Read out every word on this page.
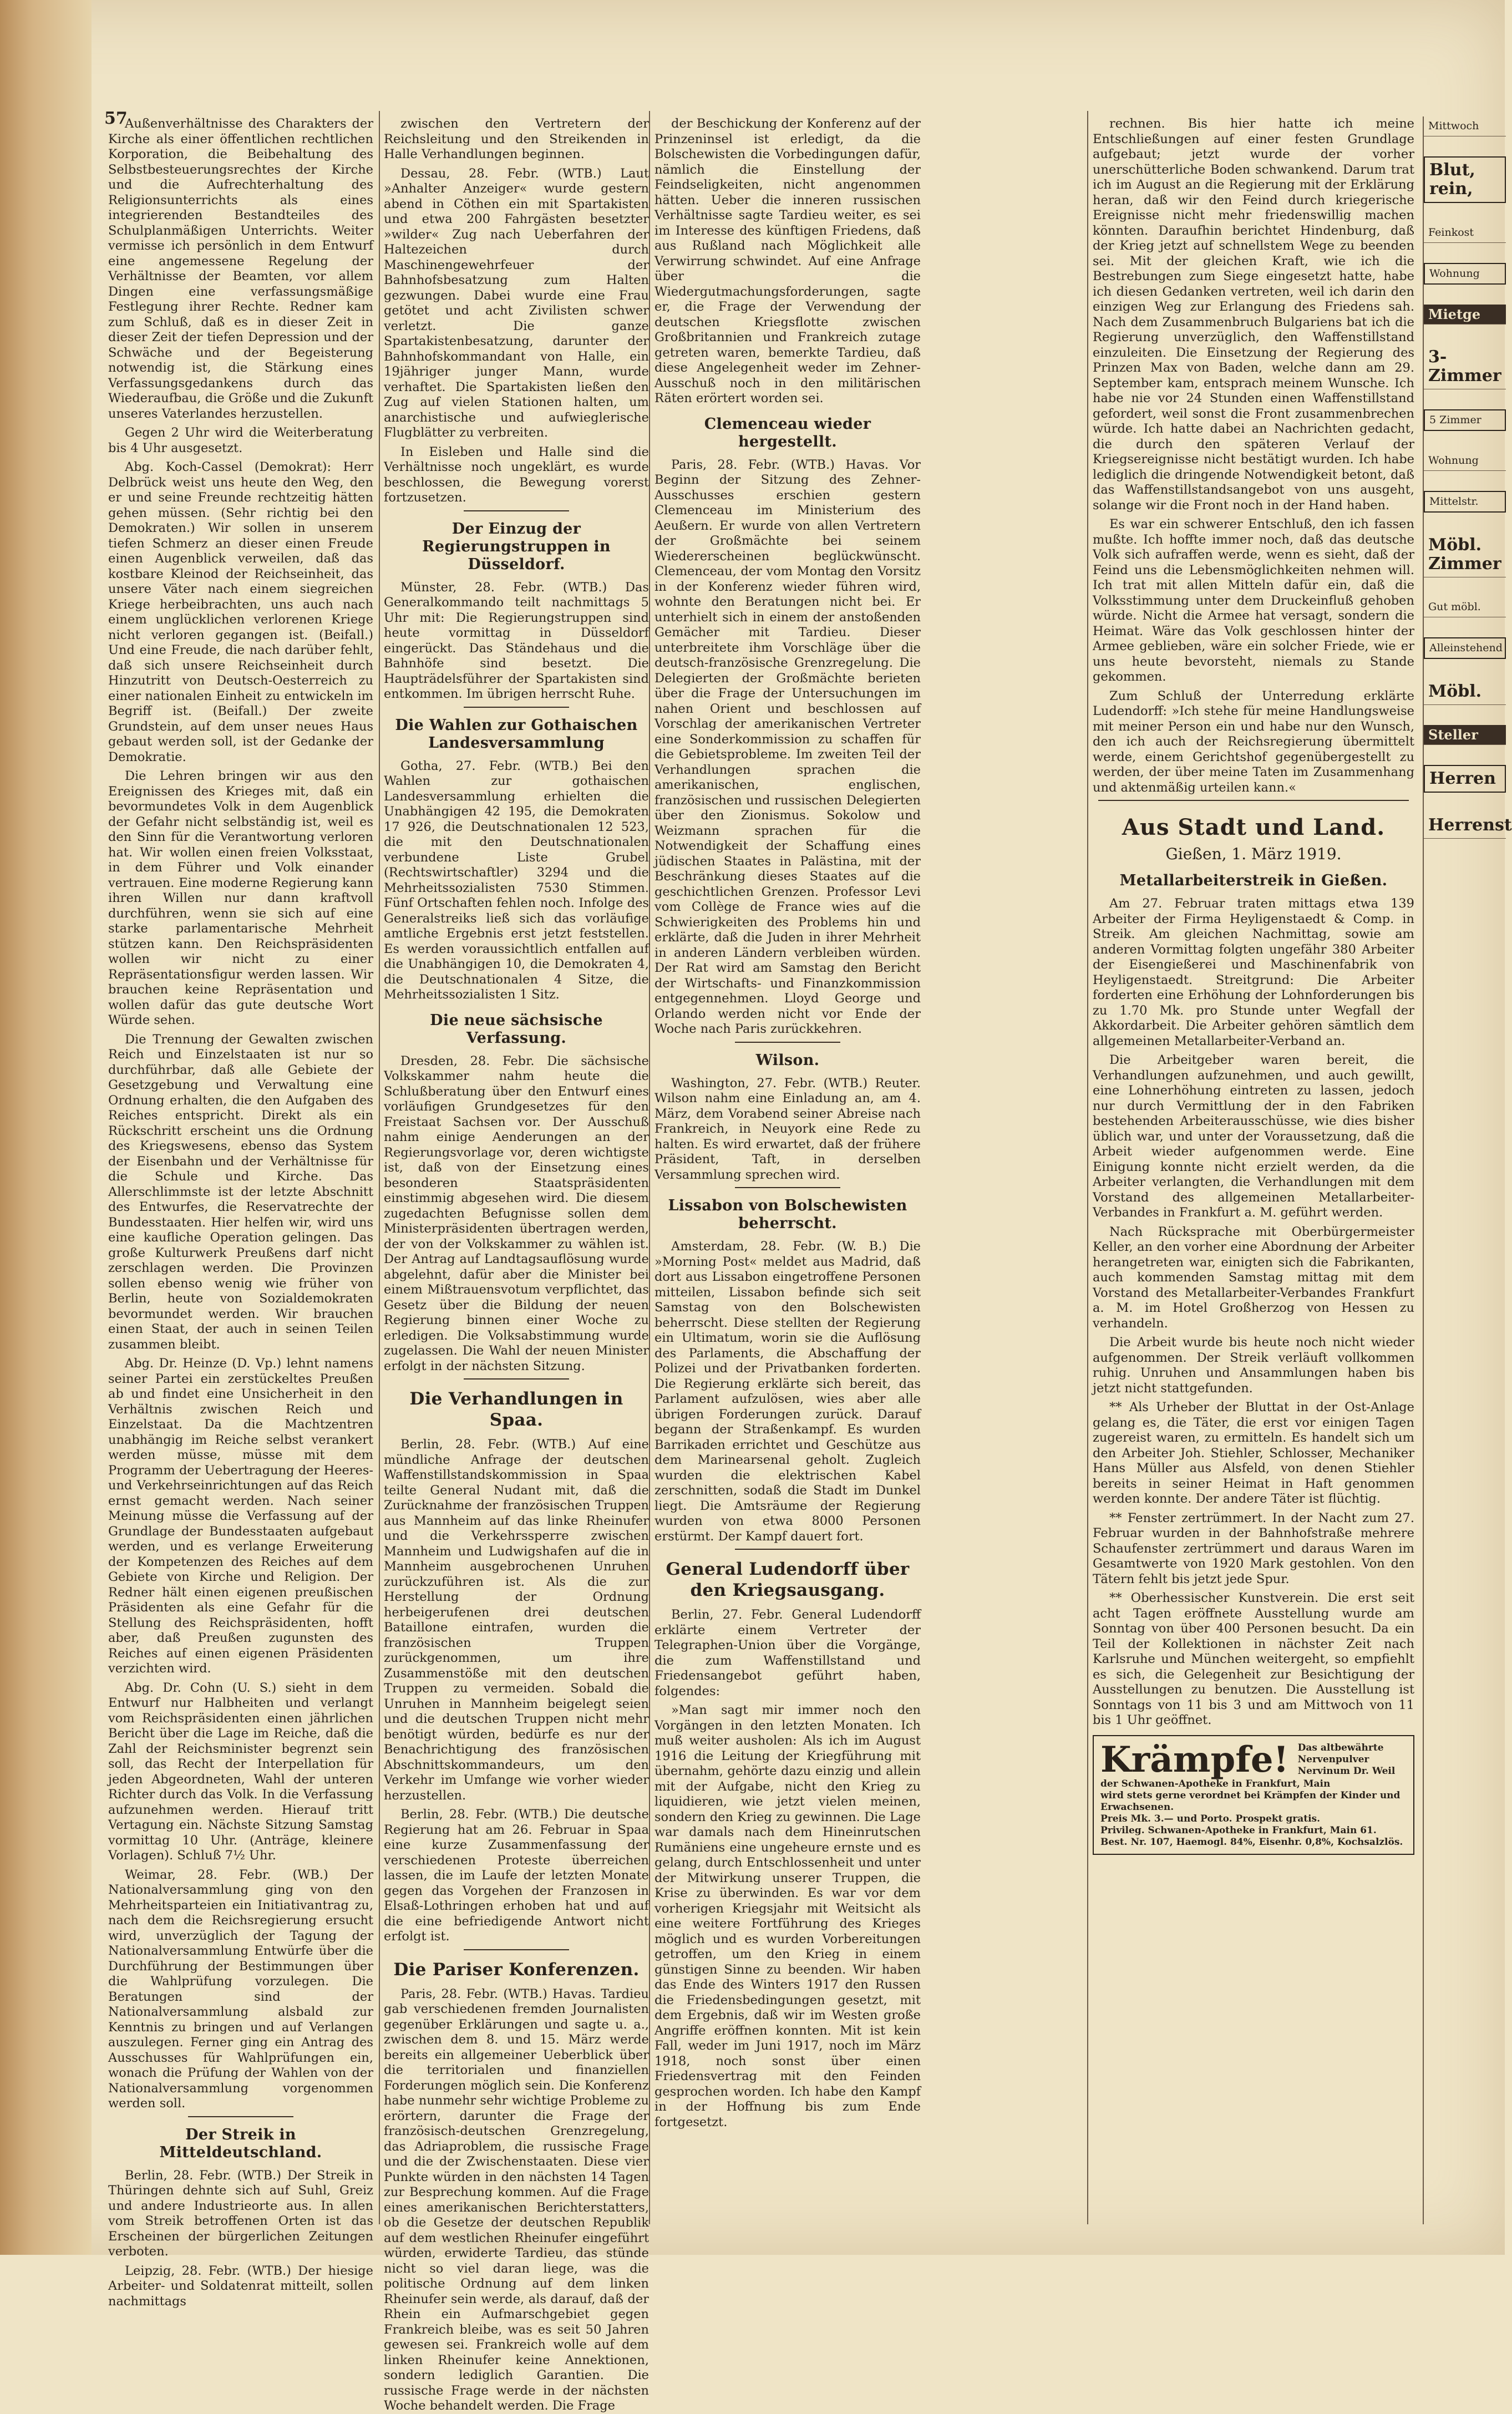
57

Außenverhältnisse des Charakters der Kirche als einer öffentlichen rechtlichen Korporation, die Beibehaltung des Selbstbesteuerungsrechtes der Kirche und die Aufrechterhaltung des Religionsunterrichts als eines integrierenden Bestandteiles des Schulplanmäßigen Unterrichts. Weiter vermisse ich persönlich in dem Entwurf eine angemessene Regelung der Verhältnisse der Beamten, vor allem Dingen eine verfassungsmäßige Festlegung ihrer Rechte. Redner kam zum Schluß, daß es in dieser Zeit in dieser Zeit der tiefen Depression und der Schwäche und der Begeisterung notwendig ist, die Stärkung eines Verfassungsgedankens durch das Wiederaufbau, die Größe und die Zukunft unseres Vaterlandes herzustellen.

Gegen 2 Uhr wird die Weiterberatung bis 4 Uhr ausgesetzt.

Abg. Koch-Cassel (Demokrat): Herr Delbrück weist uns heute den Weg, den er und seine Freunde rechtzeitig hätten gehen müssen. (Sehr richtig bei den Demokraten.) Wir sollen in unserem tiefen Schmerz an dieser einen Freude einen Augenblick verweilen, daß das kostbare Kleinod der Reichseinheit, das unsere Väter nach einem siegreichen Kriege herbeibrachten, uns auch nach einem unglücklichen verlorenen Kriege nicht verloren gegangen ist. (Beifall.) Und eine Freude, die nach darüber fehlt, daß sich unsere Reichseinheit durch Hinzutritt von Deutsch-Oesterreich zu einer nationalen Einheit zu entwickeln im Begriff ist. (Beifall.) Der zweite Grundstein, auf dem unser neues Haus gebaut werden soll, ist der Gedanke der Demokratie.

Die Lehren bringen wir aus den Ereignissen des Krieges mit, daß ein bevormundetes Volk in dem Augenblick der Gefahr nicht selbständig ist, weil es den Sinn für die Verantwortung verloren hat. Wir wollen einen freien Volksstaat, in dem Führer und Volk einander vertrauen. Eine moderne Regierung kann ihren Willen nur dann kraftvoll durchführen, wenn sie sich auf eine starke parlamentarische Mehrheit stützen kann. Den Reichspräsidenten wollen wir nicht zu einer Repräsentationsfigur werden lassen. Wir brauchen keine Repräsentation und wollen dafür das gute deutsche Wort Würde sehen.

Die Trennung der Gewalten zwischen Reich und Einzelstaaten ist nur so durchführbar, daß alle Gebiete der Gesetzgebung und Verwaltung eine Ordnung erhalten, die den Aufgaben des Reiches entspricht. Direkt als ein Rückschritt erscheint uns die Ordnung des Kriegswesens, ebenso das System der Eisenbahn und der Verhältnisse für die Schule und Kirche. Das Allerschlimmste ist der letzte Abschnitt des Entwurfes, die Reservatrechte der Bundesstaaten. Hier helfen wir, wird uns eine kaufliche Operation gelingen. Das große Kulturwerk Preußens darf nicht zerschlagen werden. Die Provinzen sollen ebenso wenig wie früher von Berlin, heute von Sozialdemokraten bevormundet werden. Wir brauchen einen Staat, der auch in seinen Teilen zusammen bleibt.

Abg. Dr. Heinze (D. Vp.) lehnt namens seiner Partei ein zerstückeltes Preußen ab und findet eine Unsicherheit in den Verhältnis zwischen Reich und Einzelstaat. Da die Machtzentren unabhängig im Reiche selbst verankert werden müsse, müsse mit dem Programm der Uebertragung der Heeres- und Verkehrseinrichtungen auf das Reich ernst gemacht werden. Nach seiner Meinung müsse die Verfassung auf der Grundlage der Bundesstaaten aufgebaut werden, und es verlange Erweiterung der Kompetenzen des Reiches auf dem Gebiete von Kirche und Religion. Der Redner hält einen eigenen preußischen Präsidenten als eine Gefahr für die Stellung des Reichspräsidenten, hofft aber, daß Preußen zugunsten des Reiches auf einen eigenen Präsidenten verzichten wird.

Abg. Dr. Cohn (U. S.) sieht in dem Entwurf nur Halbheiten und verlangt vom Reichspräsidenten einen jährlichen Bericht über die Lage im Reiche, daß die Zahl der Reichsminister begrenzt sein soll, das Recht der Interpellation für jeden Abgeordneten, Wahl der unteren Richter durch das Volk. In die Verfassung aufzunehmen werden. Hierauf tritt Vertagung ein. Nächste Sitzung Samstag vormittag 10 Uhr. (Anträge, kleinere Vorlagen). Schluß 7½ Uhr.

Weimar, 28. Febr. (WB.) Der Nationalversammlung ging von den Mehrheitsparteien ein Initiativantrag zu, nach dem die Reichsregierung ersucht wird, unverzüglich der Tagung der Nationalversammlung Entwürfe über die Durchführung der Bestimmungen über die Wahlprüfung vorzulegen. Die Beratungen sind der Nationalversammlung alsbald zur Kenntnis zu bringen und auf Verlangen auszulegen. Ferner ging ein Antrag des Ausschusses für Wahlprüfungen ein, wonach die Prüfung der Wahlen von der Nationalversammlung vorgenommen werden soll.

Der Streik in Mitteldeutschland.

Berlin, 28. Febr. (WTB.) Der Streik in Thüringen dehnte sich auf Suhl, Greiz und andere Industrieorte aus. In allen vom Streik betroffenen Orten ist das Erscheinen der bürgerlichen Zeitungen verboten.

Leipzig, 28. Febr. (WTB.) Der hiesige Arbeiter- und Soldatenrat mitteilt, sollen nachmittags

zwischen den Vertretern der Reichsleitung und den Streikenden in Halle Verhandlungen beginnen.

Dessau, 28. Febr. (WTB.) Laut »Anhalter Anzeiger« wurde gestern abend in Cöthen ein mit Spartakisten und etwa 200 Fahrgästen besetzter »wilder« Zug nach Ueberfahren der Haltezeichen durch Maschinengewehrfeuer der Bahnhofsbesatzung zum Halten gezwungen. Dabei wurde eine Frau getötet und acht Zivilisten schwer verletzt. Die ganze Spartakistenbesatzung, darunter der Bahnhofskommandant von Halle, ein 19jähriger junger Mann, wurde verhaftet. Die Spartakisten ließen den Zug auf vielen Stationen halten, um anarchistische und aufwieglerische Flugblätter zu verbreiten.

In Eisleben und Halle sind die Verhältnisse noch ungeklärt, es wurde beschlossen, die Bewegung vorerst fortzusetzen.

Der Einzug der Regierungstruppen in Düsseldorf.

Münster, 28. Febr. (WTB.) Das Generalkommando teilt nachmittags 5 Uhr mit: Die Regierungstruppen sind heute vormittag in Düsseldorf eingerückt. Das Ständehaus und die Bahnhöfe sind besetzt. Die Haupträdelsführer der Spartakisten sind entkommen. Im übrigen herrscht Ruhe.

Die Wahlen zur Gothaischen Landesversammlung

Gotha, 27. Febr. (WTB.) Bei den Wahlen zur gothaischen Landesversammlung erhielten die Unabhängigen 42 195, die Demokraten 17 926, die Deutschnationalen 12 523, die mit den Deutschnationalen verbundene Liste Grubel (Rechtswirtschaftler) 3294 und die Mehrheitssozialisten 7530 Stimmen. Fünf Ortschaften fehlen noch. Infolge des Generalstreiks ließ sich das vorläufige amtliche Ergebnis erst jetzt feststellen. Es werden voraussichtlich entfallen auf die Unabhängigen 10, die Demokraten 4, die Deutschnationalen 4 Sitze, die Mehrheitssozialisten 1 Sitz.

Die neue sächsische Verfassung.

Dresden, 28. Febr. Die sächsische Volkskammer nahm heute die Schlußberatung über den Entwurf eines vorläufigen Grundgesetzes für den Freistaat Sachsen vor. Der Ausschuß nahm einige Aenderungen an der Regierungsvorlage vor, deren wichtigste ist, daß von der Einsetzung eines besonderen Staatspräsidenten einstimmig abgesehen wird. Die diesem zugedachten Befugnisse sollen dem Ministerpräsidenten übertragen werden, der von der Volkskammer zu wählen ist. Der Antrag auf Landtagsauflösung wurde abgelehnt, dafür aber die Minister bei einem Mißtrauensvotum verpflichtet, das Gesetz über die Bildung der neuen Regierung binnen einer Woche zu erledigen. Die Volksabstimmung wurde zugelassen. Die Wahl der neuen Minister erfolgt in der nächsten Sitzung.

Die Verhandlungen in Spaa.

Berlin, 28. Febr. (WTB.) Auf eine mündliche Anfrage der deutschen Waffenstillstandskommission in Spaa teilte General Nudant mit, daß die Zurücknahme der französischen Truppen aus Mannheim auf das linke Rheinufer und die Verkehrssperre zwischen Mannheim und Ludwigshafen auf die in Mannheim ausgebrochenen Unruhen zurückzuführen ist. Als die zur Herstellung der Ordnung herbeigerufenen drei deutschen Bataillone eintrafen, wurden die französischen Truppen zurückgenommen, um ihre Zusammenstöße mit den deutschen Truppen zu vermeiden. Sobald die Unruhen in Mannheim beigelegt seien und die deutschen Truppen nicht mehr benötigt würden, bedürfe es nur der Benachrichtigung des französischen Abschnittskommandeurs, um den Verkehr im Umfange wie vorher wieder herzustellen.

Berlin, 28. Febr. (WTB.) Die deutsche Regierung hat am 26. Februar in Spaa eine kurze Zusammenfassung der verschiedenen Proteste überreichen lassen, die im Laufe der letzten Monate gegen das Vorgehen der Franzosen in Elsaß-Lothringen erhoben hat und auf die eine befriedigende Antwort nicht erfolgt ist.

Die Pariser Konferenzen.

Paris, 28. Febr. (WTB.) Havas. Tardieu gab verschiedenen fremden Journalisten gegenüber Erklärungen und sagte u. a., zwischen dem 8. und 15. März werde bereits ein allgemeiner Ueberblick über die territorialen und finanziellen Forderungen möglich sein. Die Konferenz habe nunmehr sehr wichtige Probleme zu erörtern, darunter die Frage der französisch-deutschen Grenzregelung, das Adriaproblem, die russische Frage und die der Zwischenstaaten. Diese vier Punkte würden in den nächsten 14 Tagen zur Besprechung kommen. Auf die Frage eines amerikanischen Berichterstatters, ob die Gesetze der deutschen Republik auf dem westlichen Rheinufer eingeführt würden, erwiderte Tardieu, das stünde nicht so viel daran liege, was die politische Ordnung auf dem linken Rheinufer sein werde, als darauf, daß der Rhein ein Aufmarschgebiet gegen Frankreich bleibe, was es seit 50 Jahren gewesen sei. Frankreich wolle auf dem linken Rheinufer keine Annektionen, sondern lediglich Garantien. Die russische Frage werde in der nächsten Woche behandelt werden. Die Frage

der Beschickung der Konferenz auf der Prinzeninsel ist erledigt, da die Bolschewisten die Vorbedingungen dafür, nämlich die Einstellung der Feindseligkeiten, nicht angenommen hätten. Ueber die inneren russischen Verhältnisse sagte Tardieu weiter, es sei im Interesse des künftigen Friedens, daß aus Rußland nach Möglichkeit alle Verwirrung schwindet. Auf eine Anfrage über die Wiedergutmachungsforderungen, sagte er, die Frage der Verwendung der deutschen Kriegsflotte zwischen Großbritannien und Frankreich zutage getreten waren, bemerkte Tardieu, daß diese Angelegenheit weder im Zehner-Ausschuß noch in den militärischen Räten erörtert worden sei.

Clemenceau wieder hergestellt.

Paris, 28. Febr. (WTB.) Havas. Vor Beginn der Sitzung des Zehner-Ausschusses erschien gestern Clemenceau im Ministerium des Aeußern. Er wurde von allen Vertretern der Großmächte bei seinem Wiedererscheinen beglückwünscht. Clemenceau, der vom Montag den Vorsitz in der Konferenz wieder führen wird, wohnte den Beratungen nicht bei. Er unterhielt sich in einem der anstoßenden Gemächer mit Tardieu. Dieser unterbreitete ihm Vorschläge über die deutsch-französische Grenzregelung. Die Delegierten der Großmächte berieten über die Frage der Untersuchungen im nahen Orient und beschlossen auf Vorschlag der amerikanischen Vertreter eine Sonderkommission zu schaffen für die Gebietsprobleme. Im zweiten Teil der Verhandlungen sprachen die amerikanischen, englischen, französischen und russischen Delegierten über den Zionismus. Sokolow und Weizmann sprachen für die Notwendigkeit der Schaffung eines jüdischen Staates in Palästina, mit der Beschränkung dieses Staates auf die geschichtlichen Grenzen. Professor Levi vom Collège de France wies auf die Schwierigkeiten des Problems hin und erklärte, daß die Juden in ihrer Mehrheit in anderen Ländern verbleiben würden. Der Rat wird am Samstag den Bericht der Wirtschafts- und Finanzkommission entgegennehmen. Lloyd George und Orlando werden nicht vor Ende der Woche nach Paris zurückkehren.

Wilson.

Washington, 27. Febr. (WTB.) Reuter. Wilson nahm eine Einladung an, am 4. März, dem Vorabend seiner Abreise nach Frankreich, in Neuyork eine Rede zu halten. Es wird erwartet, daß der frühere Präsident, Taft, in derselben Versammlung sprechen wird.

Lissabon von Bolschewisten beherrscht.

Amsterdam, 28. Febr. (W. B.) Die »Morning Post« meldet aus Madrid, daß dort aus Lissabon eingetroffene Personen mitteilen, Lissabon befinde sich seit Samstag von den Bolschewisten beherrscht. Diese stellten der Regierung ein Ultimatum, worin sie die Auflösung des Parlaments, die Abschaffung der Polizei und der Privatbanken forderten. Die Regierung erklärte sich bereit, das Parlament aufzulösen, wies aber alle übrigen Forderungen zurück. Darauf begann der Straßenkampf. Es wurden Barrikaden errichtet und Geschütze aus dem Marinearsenal geholt. Zugleich wurden die elektrischen Kabel zerschnitten, sodaß die Stadt im Dunkel liegt. Die Amtsräume der Regierung wurden von etwa 8000 Personen erstürmt. Der Kampf dauert fort.

General Ludendorff über den Kriegsausgang.

Berlin, 27. Febr. General Ludendorff erklärte einem Vertreter der Telegraphen-Union über die Vorgänge, die zum Waffenstillstand und Friedensangebot geführt haben, folgendes:

»Man sagt mir immer noch den Vorgängen in den letzten Monaten. Ich muß weiter ausholen: Als ich im August 1916 die Leitung der Kriegführung mit übernahm, gehörte dazu einzig und allein mit der Aufgabe, nicht den Krieg zu liquidieren, wie jetzt vielen meinen, sondern den Krieg zu gewinnen. Die Lage war damals nach dem Hineinrutschen Rumäniens eine ungeheure ernste und es gelang, durch Entschlossenheit und unter der Mitwirkung unserer Truppen, die Krise zu überwinden. Es war vor dem vorherigen Kriegsjahr mit Weitsicht als eine weitere Fortführung des Krieges möglich und es wurden Vorbereitungen getroffen, um den Krieg in einem günstigen Sinne zu beenden. Wir haben das Ende des Winters 1917 den Russen die Friedensbedingungen gesetzt, mit dem Ergebnis, daß wir im Westen große Angriffe eröffnen konnten. Mit ist kein Fall, weder im Juni 1917, noch im März 1918, noch sonst über einen Friedensvertrag mit den Feinden gesprochen worden. Ich habe den Kampf in der Hoffnung bis zum Ende fortgesetzt.

rechnen. Bis hier hatte ich meine Entschließungen auf einer festen Grundlage aufgebaut; jetzt wurde der vorher unerschütterliche Boden schwankend. Darum trat ich im August an die Regierung mit der Erklärung heran, daß wir den Feind durch kriegerische Ereignisse nicht mehr friedenswillig machen könnten. Daraufhin berichtet Hindenburg, daß der Krieg jetzt auf schnellstem Wege zu beenden sei. Mit der gleichen Kraft, wie ich die Bestrebungen zum Siege eingesetzt hatte, habe ich diesen Gedanken vertreten, weil ich darin den einzigen Weg zur Erlangung des Friedens sah. Nach dem Zusammenbruch Bulgariens bat ich die Regierung unverzüglich, den Waffenstillstand einzuleiten. Die Einsetzung der Regierung des Prinzen Max von Baden, welche dann am 29. September kam, entsprach meinem Wunsche. Ich habe nie vor 24 Stunden einen Waffenstillstand gefordert, weil sonst die Front zusammenbrechen würde. Ich hatte dabei an Nachrichten gedacht, die durch den späteren Verlauf der Kriegsereignisse nicht bestätigt wurden. Ich habe lediglich die dringende Notwendigkeit betont, daß das Waffenstillstandsangebot von uns ausgeht, solange wir die Front noch in der Hand haben.

Es war ein schwerer Entschluß, den ich fassen mußte. Ich hoffte immer noch, daß das deutsche Volk sich aufraffen werde, wenn es sieht, daß der Feind uns die Lebensmöglichkeiten nehmen will. Ich trat mit allen Mitteln dafür ein, daß die Volksstimmung unter dem Druckeinfluß gehoben würde. Nicht die Armee hat versagt, sondern die Heimat. Wäre das Volk geschlossen hinter der Armee geblieben, wäre ein solcher Friede, wie er uns heute bevorsteht, niemals zu Stande gekommen.

Zum Schluß der Unterredung erklärte Ludendorff: »Ich stehe für meine Handlungsweise mit meiner Person ein und habe nur den Wunsch, den ich auch der Reichsregierung übermittelt werde, einem Gerichtshof gegenübergestellt zu werden, der über meine Taten im Zusammenhang und aktenmäßig urteilen kann.«

Aus Stadt und Land.
Gießen, 1. März 1919.
Metallarbeiterstreik in Gießen.

Am 27. Februar traten mittags etwa 139 Arbeiter der Firma Heyligenstaedt & Comp. in Streik. Am gleichen Nachmittag, sowie am anderen Vormittag folgten ungefähr 380 Arbeiter der Eisengießerei und Maschinenfabrik von Heyligenstaedt. Streitgrund: Die Arbeiter forderten eine Erhöhung der Lohnforderungen bis zu 1.70 Mk. pro Stunde unter Wegfall der Akkordarbeit. Die Arbeiter gehören sämtlich dem allgemeinen Metallarbeiter-Verband an.

Die Arbeitgeber waren bereit, die Verhandlungen aufzunehmen, und auch gewillt, eine Lohnerhöhung eintreten zu lassen, jedoch nur durch Vermittlung der in den Fabriken bestehenden Arbeiterausschüsse, wie dies bisher üblich war, und unter der Voraussetzung, daß die Arbeit wieder aufgenommen werde. Eine Einigung konnte nicht erzielt werden, da die Arbeiter verlangten, die Verhandlungen mit dem Vorstand des allgemeinen Metallarbeiter-Verbandes in Frankfurt a. M. geführt werden.

Nach Rücksprache mit Oberbürgermeister Keller, an den vorher eine Abordnung der Arbeiter herangetreten war, einigten sich die Fabrikanten, auch kommenden Samstag mittag mit dem Vorstand des Metallarbeiter-Verbandes Frankfurt a. M. im Hotel Großherzog von Hessen zu verhandeln.

Die Arbeit wurde bis heute noch nicht wieder aufgenommen. Der Streik verläuft vollkommen ruhig. Unruhen und Ansammlungen haben bis jetzt nicht stattgefunden.

** Als Urheber der Bluttat in der Ost-Anlage gelang es, die Täter, die erst vor einigen Tagen zugereist waren, zu ermitteln. Es handelt sich um den Arbeiter Joh. Stiehler, Schlosser, Mechaniker Hans Müller aus Alsfeld, von denen Stiehler bereits in seiner Heimat in Haft genommen werden konnte. Der andere Täter ist flüchtig.

** Fenster zertrümmert. In der Nacht zum 27. Februar wurden in der Bahnhofstraße mehrere Schaufenster zertrümmert und daraus Waren im Gesamtwerte von 1920 Mark gestohlen. Von den Tätern fehlt bis jetzt jede Spur.

** Oberhessischer Kunstverein. Die erst seit acht Tagen eröffnete Ausstellung wurde am Sonntag von über 400 Personen besucht. Da ein Teil der Kollektionen in nächster Zeit nach Karlsruhe und München weitergeht, so empfiehlt es sich, die Gelegenheit zur Besichtigung der Ausstellungen zu benutzen. Die Ausstellung ist Sonntags von 11 bis 3 und am Mittwoch von 11 bis 1 Uhr geöffnet.

Krämpfe! Das altbewährte Nervenpulver Nervinum Dr. Weil
der Schwanen-Apotheke in Frankfurt, Main
wird stets gerne verordnet bei Krämpfen der Kinder und Erwachsenen.
Preis Mk. 3.— und Porto. Prospekt gratis.
Privileg. Schwanen-Apotheke in Frankfurt, Main 61.
Best. Nr. 107, Haemogl. 84%, Eisenhr. 0,8%, Kochsalzlös.
Mittwoch
Blut, rein,
Feinkost
Wohnung
Mietge
3-Zimmer
5 Zimmer
Wohnung
Mittelstr.
Möbl. Zimmer
Gut möbl.
Alleinstehend
Möbl.
Steller
Herren
Herrenst
